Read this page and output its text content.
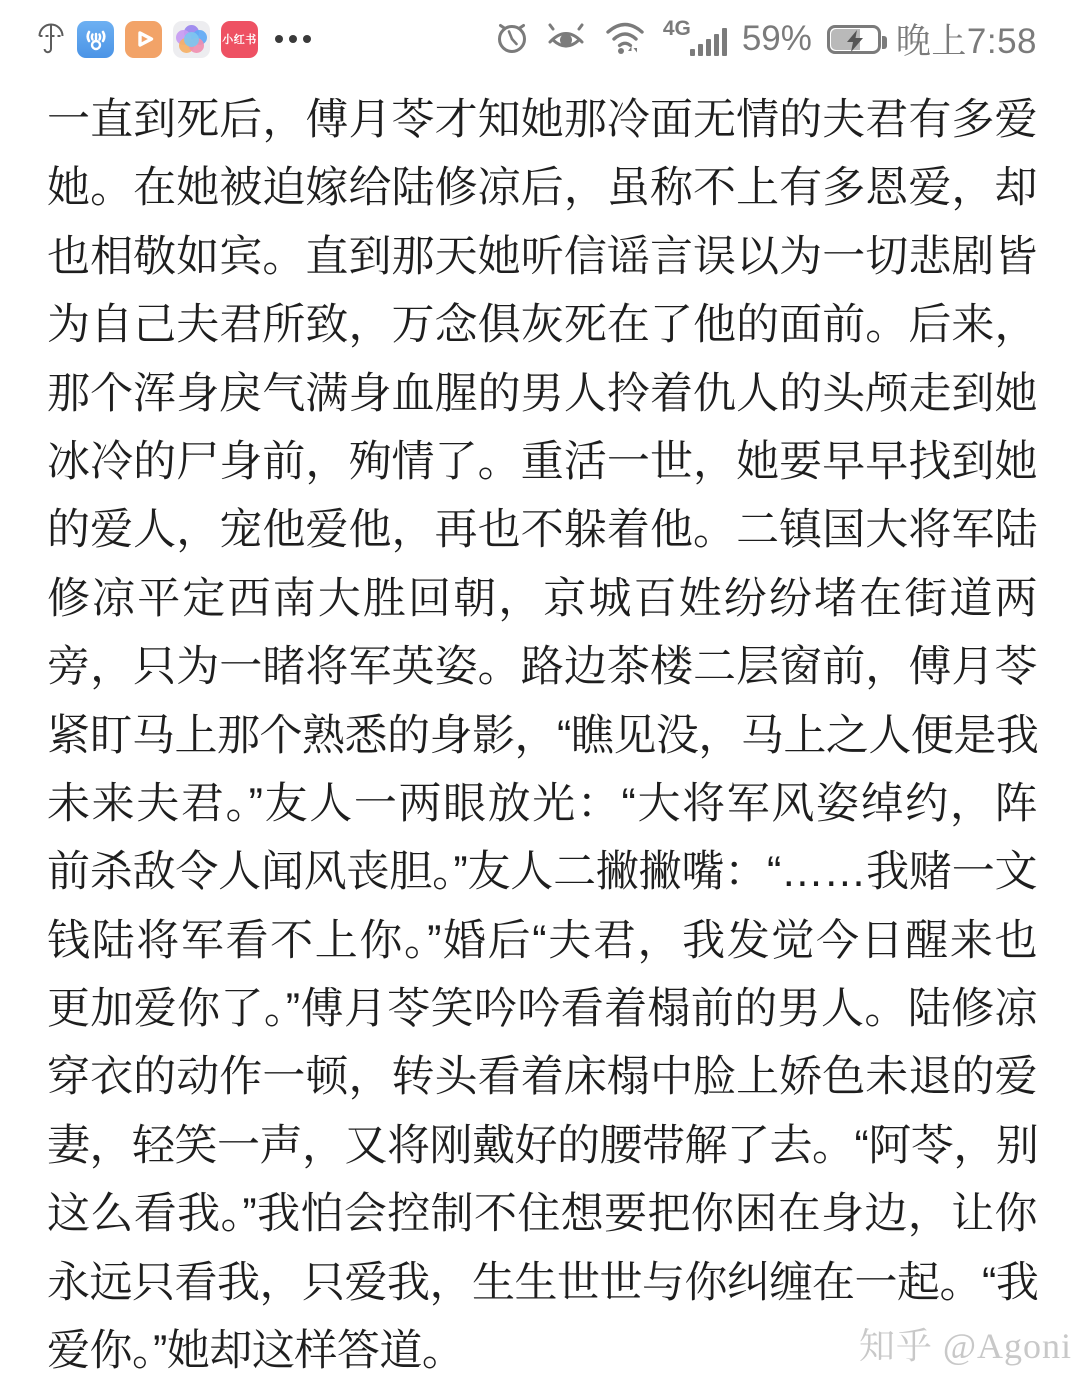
小红书	4G 59% 晚上7:58
一直到死后，傅月苓才知她那冷面无情的夫君有多爱
她。在她被迫嫁给陆修凉后，虽称不上有多恩爱，却
也相敬如宾。直到那天她听信谣言误以为一切悲剧皆
为自己夫君所致，万念俱灰死在了他的面前。后来，
那个浑身戾气满身血腥的男人拎着仇人的头颅走到她
冰冷的尸身前，殉情了。重活一世，她要早早找到她
的爱人，宠他爱他，再也不躲着他。二镇国大将军陆
修凉平定西南大胜回朝，京城百姓纷纷堵在街道两
旁，只为一睹将军英姿。路边茶楼二层窗前，傅月苓
紧盯马上那个熟悉的身影，“瞧见没，马上之人便是我
未来夫君。”友人一两眼放光：“大将军风姿绰约，阵
前杀敌令人闻风丧胆。”友人二撇撇嘴：“……我赌一文
钱陆将军看不上你。”婚后“夫君，我发觉今日醒来也
更加爱你了。”傅月苓笑吟吟看着榻前的男人。陆修凉
穿衣的动作一顿，转头看着床榻中脸上娇色未退的爱
妻，轻笑一声，又将刚戴好的腰带解了去。“阿苓，别
这么看我。”我怕会控制不住想要把你困在身边，让你
永远只看我，只爱我，生生世世与你纠缠在一起。“我
爱你。”她却这样答道。	知乎 @Agoni
